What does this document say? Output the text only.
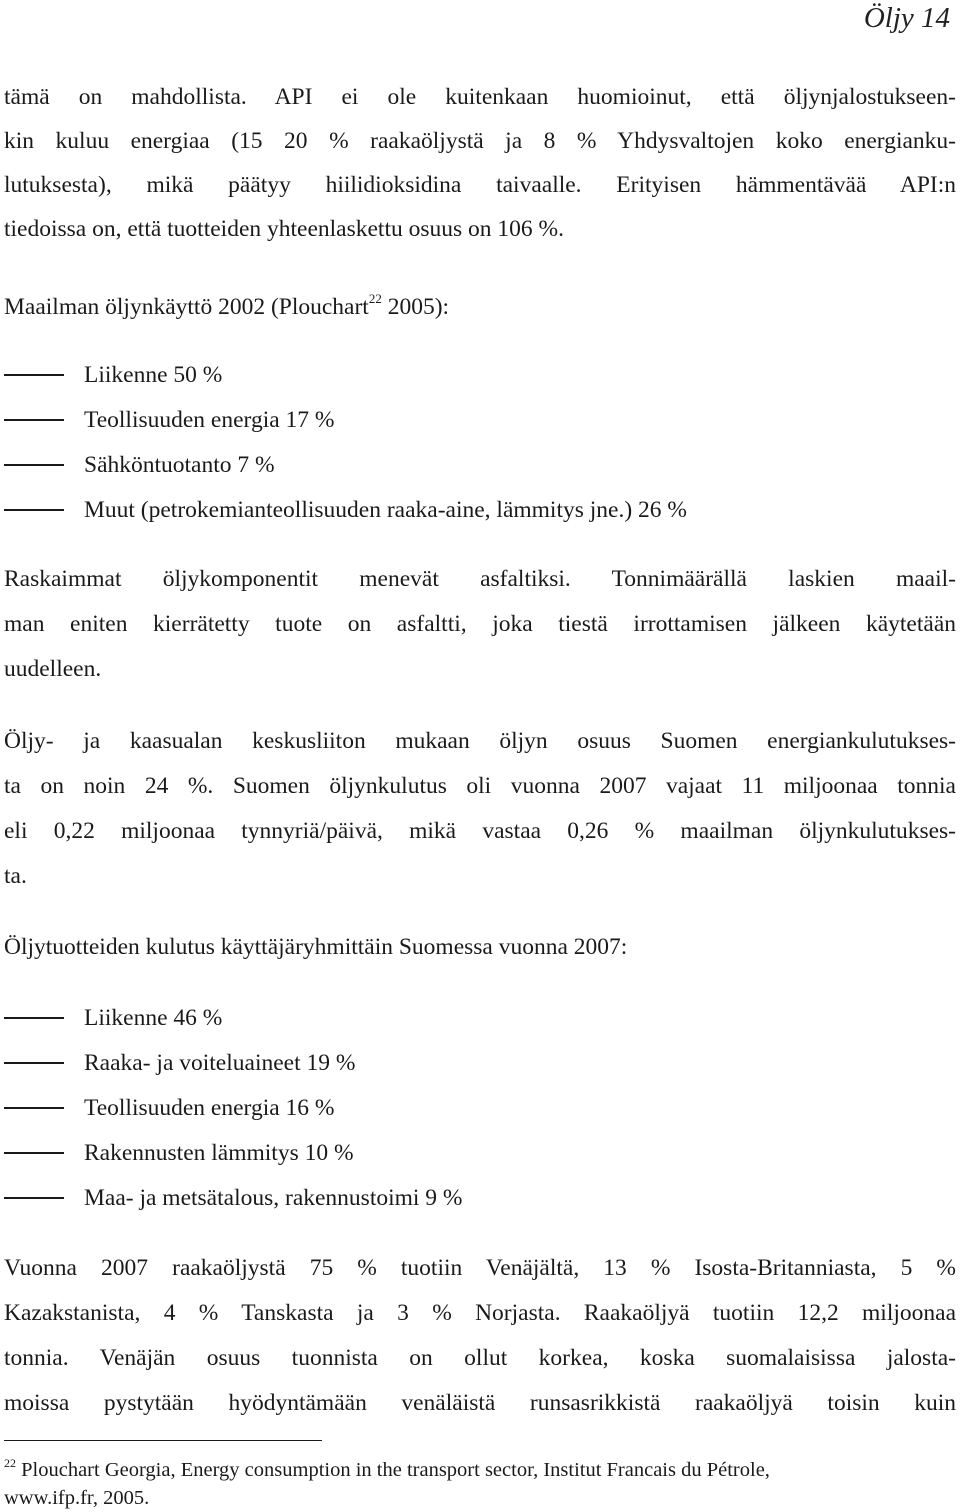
Öljy 14
tämä on mahdollista. API ei ole kuitenkaan huomioinut, että öljynjalostukseen-
kin kuluu energiaa (15 20 % raakaöljystä ja 8 % Yhdysvaltojen koko energianku-
lutuksesta), mikä päätyy hiilidioksidina taivaalle. Erityisen hämmentävää API:n
tiedoissa on, että tuotteiden yhteenlaskettu osuus on 106 %.
Maailman öljynkäyttö 2002 (Plouchart$^{22}$ 2005):
Liikenne 50 %
Teollisuuden energia 17 %
Sähköntuotanto 7 %
Muut (petrokemianteollisuuden raaka-aine, lämmitys jne.) 26 %
Raskaimmat öljykomponentit menevät asfaltiksi. Tonnimäärällä laskien maail-
man eniten kierrätetty tuote on asfaltti, joka tiestä irrottamisen jälkeen käytetään
uudelleen.
Öljy- ja kaasualan keskusliiton mukaan öljyn osuus Suomen energiankulutukses-
ta on noin 24 %. Suomen öljynkulutus oli vuonna 2007 vajaat 11 miljoonaa tonnia
eli 0,22 miljoonaa tynnyriä/päivä, mikä vastaa 0,26 % maailman öljynkulutukses-
ta.
Öljytuotteiden kulutus käyttäjäryhmittäin Suomessa vuonna 2007:
Liikenne 46 %
Raaka- ja voiteluaineet 19 %
Teollisuuden energia 16 %
Rakennusten lämmitys 10 %
Maa- ja metsätalous, rakennustoimi 9 %
Vuonna 2007 raakaöljystä 75 % tuotiin Venäjältä, 13 % Isosta-Britanniasta, 5 %
Kazakstanista, 4 % Tanskasta ja 3 % Norjasta. Raakaöljyä tuotiin 12,2 miljoonaa
tonnia. Venäjän osuus tuonnista on ollut korkea, koska suomalaisissa jalosta-
moissa pystytään hyödyntämään venäläistä runsasrikkistä raakaöljyä toisin kuin
$^{22}$ Plouchart Georgia, Energy consumption in the transport sector, Institut Francais du Pétrole,
www.ifp.fr, 2005.
